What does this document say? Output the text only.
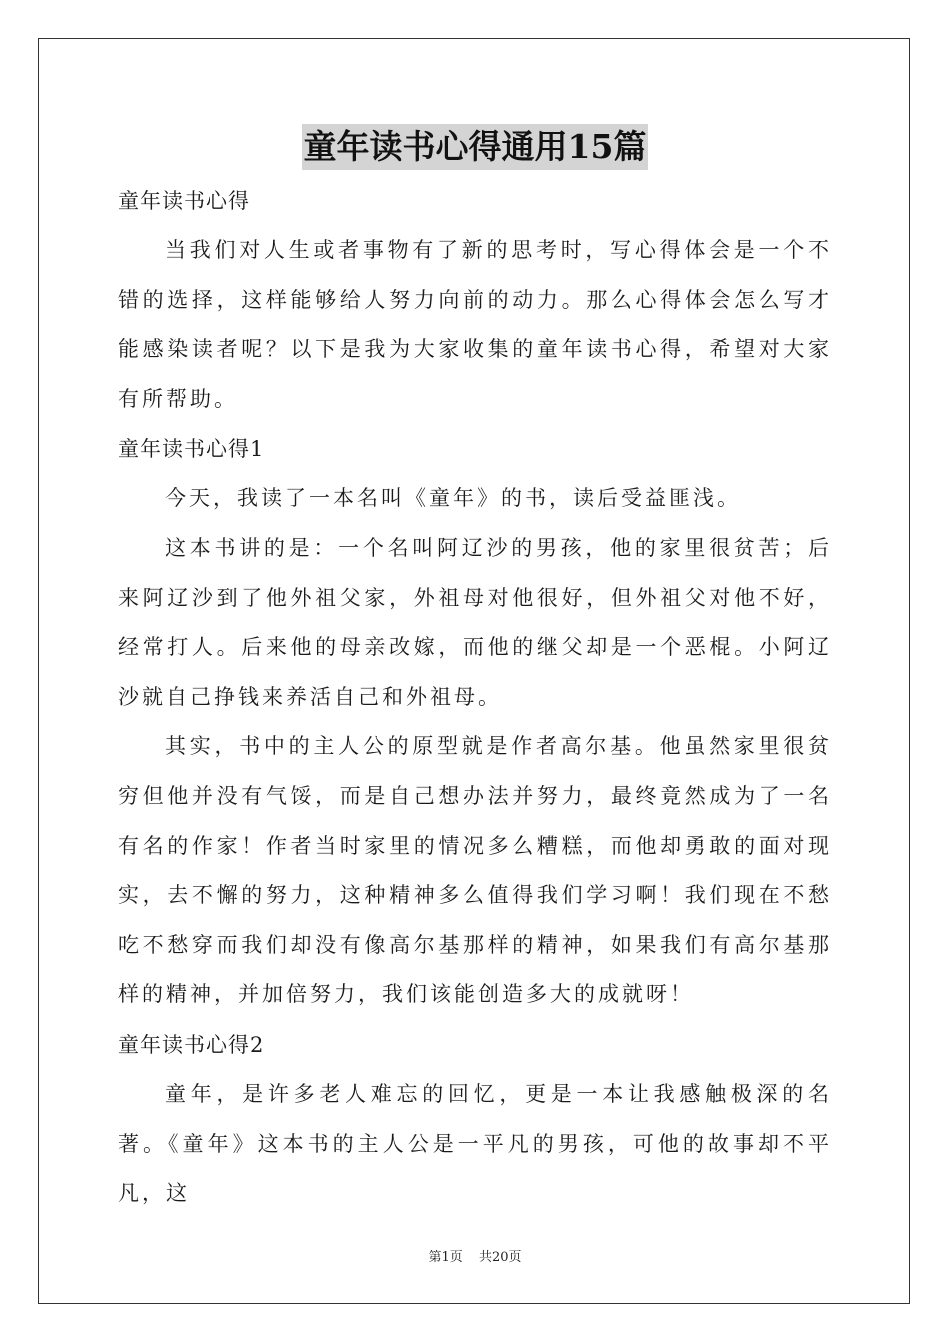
童年读书心得通用15篇
童年读书心得
当我们对人生或者事物有了新的思考时，写心得体会是一个不错的选择，这样能够给人努力向前的动力。那么心得体会怎么写才能感染读者呢？以下是我为大家收集的童年读书心得，希望对大家有所帮助。
童年读书心得1
今天，我读了一本名叫《童年》的书，读后受益匪浅。
这本书讲的是：一个名叫阿辽沙的男孩，他的家里很贫苦；后来阿辽沙到了他外祖父家，外祖母对他很好，但外祖父对他不好，经常打人。后来他的母亲改嫁，而他的继父却是一个恶棍。小阿辽沙就自己挣钱来养活自己和外祖母。
其实，书中的主人公的原型就是作者高尔基。他虽然家里很贫穷但他并没有气馁，而是自己想办法并努力，最终竟然成为了一名有名的作家！作者当时家里的情况多么糟糕，而他却勇敢的面对现实，去不懈的努力，这种精神多么值得我们学习啊！我们现在不愁吃不愁穿而我们却没有像高尔基那样的精神，如果我们有高尔基那样的精神，并加倍努力，我们该能创造多大的成就呀！
童年读书心得2
童年，是许多老人难忘的回忆，更是一本让我感触极深的名著。《童年》这本书的主人公是一平凡的男孩，可他的故事却不平凡，这
第1页 共20页
